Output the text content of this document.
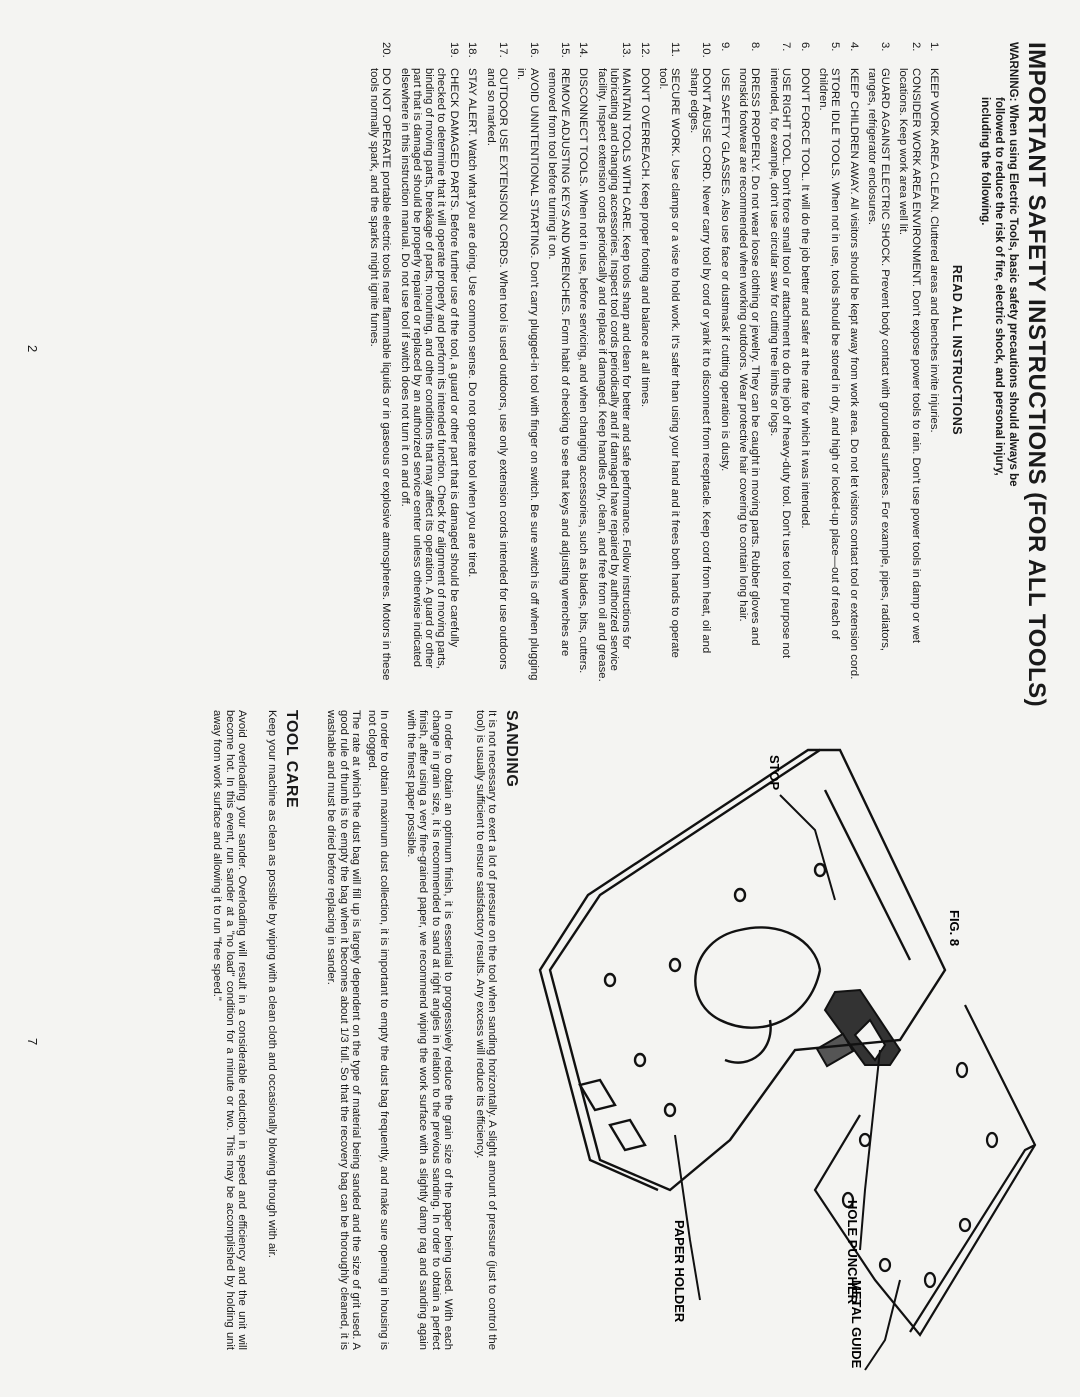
IMPORTANT SAFETY INSTRUCTIONS (FOR ALL TOOLS)
WARNING: When using Electric Tools, basic safety precautions should always be
followed to reduce the risk of fire, electric shock, and personal injury,
including the following.
READ ALL INSTRUCTIONS
1.
KEEP WORK AREA CLEAN. Cluttered areas and benches invite injuries.
2.
CONSIDER WORK AREA ENVIRONMENT. Don't expose power tools to rain. Don't use power tools in damp or wet locations. Keep work area well lit.
3.
GUARD AGAINST ELECTRIC SHOCK. Prevent body contact with grounded surfaces. For example, pipes, radiators, ranges, refrigerator enclosures.
4.
KEEP CHILDREN AWAY. All visitors should be kept away from work area. Do not let visitors contact tool or extension cord.
5.
STORE IDLE TOOLS. When not in use, tools should be stored in dry, and high or locked-up place—out of reach of children.
6.
DON'T FORCE TOOL. It will do the job better and safer at the rate for which it was intended.
7.
USE RIGHT TOOL. Don't force small tool or attachment to do the job of heavy-duty tool. Don't use tool for purpose not intended, for example, don't use circular saw for cutting tree limbs or logs.
8.
DRESS PROPERLY. Do not wear loose clothing or jewelry. They can be caught in moving parts. Rubber gloves and nonskid footwear are recommended when working outdoors. Wear protective hair covering to contain long hair.
9.
USE SAFETY GLASSES. Also use face or dustmask if cutting operation is dusty.
10.
DON'T ABUSE CORD. Never carry tool by cord or yank it to disconnect from receptacle. Keep cord from heat, oil and sharp edges.
11.
SECURE WORK. Use clamps or a vise to hold work. It's safer than using your hand and it frees both hands to operate tool.
12.
DON'T OVERREACH. Keep proper footing and balance at all times.
13.
MAINTAIN TOOLS WITH CARE. Keep tools sharp and clean for better and safe performance. Follow instructions for lubricating and changing accessories. Inspect tool cords periodically and if damaged have repaired by authorized service facility. Inspect extension cords periodically and replace if damaged. Keep handles dry, clean, and free from oil and grease.
14.
DISCONNECT TOOLS. When not in use, before servicing, and when changing accessories, such as blades, bits, cutters.
15.
REMOVE ADJUSTING KEYS AND WRENCHES. Form habit of checking to see that keys and adjusting wrenches are removed from tool before turning it on.
16.
AVOID UNINTENTIONAL STARTING. Don't carry plugged-in tool with finger on switch. Be sure switch is off when plugging in.
17.
OUTDOOR USE EXTENSION CORDS. When tool is used outdoors, use only extension cords intended for use outdoors and so marked.
18.
STAY ALERT. Watch what you are doing. Use common sense. Do not operate tool when you are tired.
19.
CHECK DAMAGED PARTS. Before further use of the tool, a guard or other part that is damaged should be carefully checked to determine that it will operate properly and perform its intended function. Check for alignment of moving parts, binding of moving parts, breakage of parts, mounting, and other conditions that may affect its operation. A guard or other part that is damaged should be properly repaired or replaced by an authorized service center unless otherwise indicated elsewhere in this instruction manual. Do not use tool if switch does not turn it on and off.
20.
DO NOT OPERATE portable electric tools near flammable liquids or in gaseous or explosive atmospheres. Motors in these tools normally spark, and the sparks might ignite fumes.
2
METAL GUIDE
HOLE PUNCHER
PAPER HOLDER
STOP
FIG. 8
SANDING
It is not necessary to exert a lot of pressure on the tool when sanding horizontally. A slight amount of pressure (just to control the tool) is usually sufficient to ensure satisfactory results. Any excess will reduce its efficiency.
In order to obtain an optimum finish, it is essential to progressively reduce the grain size of the paper being used. With each change in grain size, it is recommended to sand at right angles in relation to the previous sanding. In order to obtain a perfect finish, after using a very fine-grained paper, we recommend wiping the work surface with a slightly damp rag and sanding again with the finest paper possible.
In order to obtain maximum dust collection, it is important to empty the dust bag frequently, and make sure opening in housing is not clogged.
The rate at which the dust bag will fill up is largely dependent on the type of material being sanded and the size of grit used. A good rule of thumb is to empty the bag when it becomes about 1/3 full. So that the recovery bag can be thoroughly cleaned, it is washable and must be dried before replacing in sander.
TOOL CARE
Keep your machine as clean as possible by wiping with a clean cloth and occasionally blowing through with air.
Avoid overloading your sander. Overloading will result in a considerable reduction in speed and efficiency and the unit will become hot. In this event, run sander at a "no load" condition for a minute or two. This may be accomplished by holding unit away from work surface and allowing it to run "free speed."
7
